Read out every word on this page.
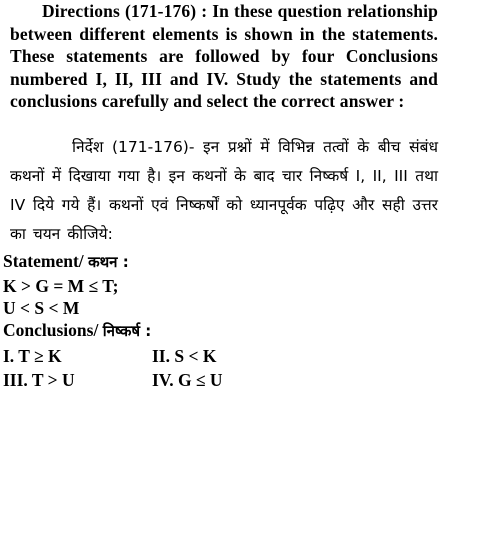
Directions (171-176) : In these question relationship between different elements is shown in the statements. These statements are followed by four Conclusions numbered I, II, III and IV. Study the statements and conclusions carefully and select the correct answer :
निर्देश (171-176)- इन प्रश्नों में विभिन्न तत्वों के बीच संबंध कथनों में दिखाया गया है। इन कथनों के बाद चार निष्कर्ष I, II, III तथा IV दिये गये हैं। कथनों एवं निष्कर्षों को ध्यानपूर्वक पढ़िए और सही उत्तर का चयन कीजिये:
Statement/ कथन :
K > G = M ≤ T;
U < S < M
Conclusions/ निष्कर्ष :
I. T ≥ K	II. S < K
III. T > U	IV. G ≤ U
